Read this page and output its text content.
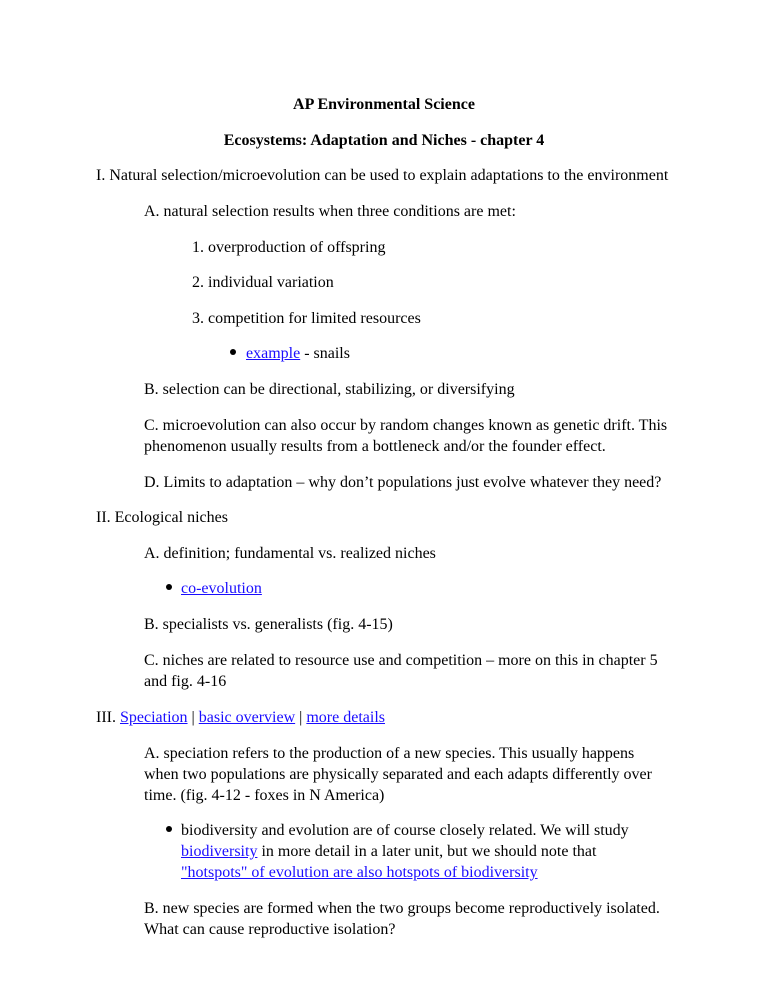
AP Environmental Science
Ecosystems: Adaptation and Niches - chapter 4
I. Natural selection/microevolution can be used to explain adaptations to the environment
A. natural selection results when three conditions are met:
1. overproduction of offspring
2. individual variation
3. competition for limited resources
example - snails
B. selection can be directional, stabilizing, or diversifying
C. microevolution can also occur by random changes known as genetic drift. This
phenomenon usually results from a bottleneck and/or the founder effect.
D. Limits to adaptation – why don’t populations just evolve whatever they need?
II. Ecological niches
A. definition; fundamental vs. realized niches
co-evolution
B. specialists vs. generalists (fig. 4-15)
C. niches are related to resource use and competition – more on this in chapter 5
and fig. 4-16
III. Speciation | basic overview | more details
A. speciation refers to the production of a new species. This usually happens
when two populations are physically separated and each adapts differently over
time. (fig. 4-12 - foxes in N America)
biodiversity and evolution are of course closely related. We will study
biodiversity in more detail in a later unit, but we should note that
"hotspots" of evolution are also hotspots of biodiversity
B. new species are formed when the two groups become reproductively isolated.
What can cause reproductive isolation?
